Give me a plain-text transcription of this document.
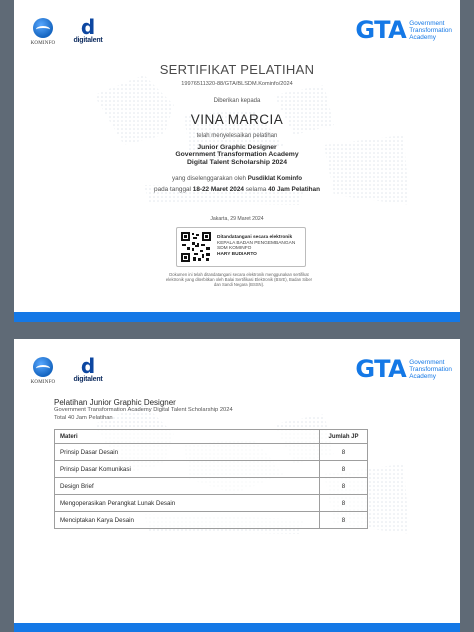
KOMINFO
d
digitalent	GTA Government
Transformation
Academy
SERTIFIKAT PELATIHAN
19976511320-88/GTA/BLSDM.Kominfo/2024
Diberikan kepada
VINA MARCIA
telah menyelesaikan pelatihan
Junior Graphic Designer
Government Transformation Academy
Digital Talent Scholarship 2024
yang diselenggarakan oleh Pusdiklat Kominfo
pada tanggal 18-22 Maret 2024 selama 40 Jam Pelatihan
Jakarta, 29 Maret 2024
Ditandatangani secara elektronik
KEPALA BADAN PENGEMBANGAN
SDM KOMINFO
HARY BUDIARTO
Dokumen ini telah ditandatangani secara elektronik menggunakan sertifikat elektronik yang diterbitkan oleh Balai Sertifikasi Elektronik (BSrE), Badan Siber dan Sandi Negara (BSSN).
KOMINFO
d
digitalent	GTA Government
Transformation
Academy
Pelatihan Junior Graphic Designer
Government Transformation Academy Digital Talent Scholarship 2024
Total 40 Jam Pelatihan
Materi	Jumlah JP
Prinsip Dasar Desain	8
Prinsip Dasar Komunikasi	8
Design Brief	8
Mengoperasikan Perangkat Lunak Desain	8
Menciptakan Karya Desain	8
